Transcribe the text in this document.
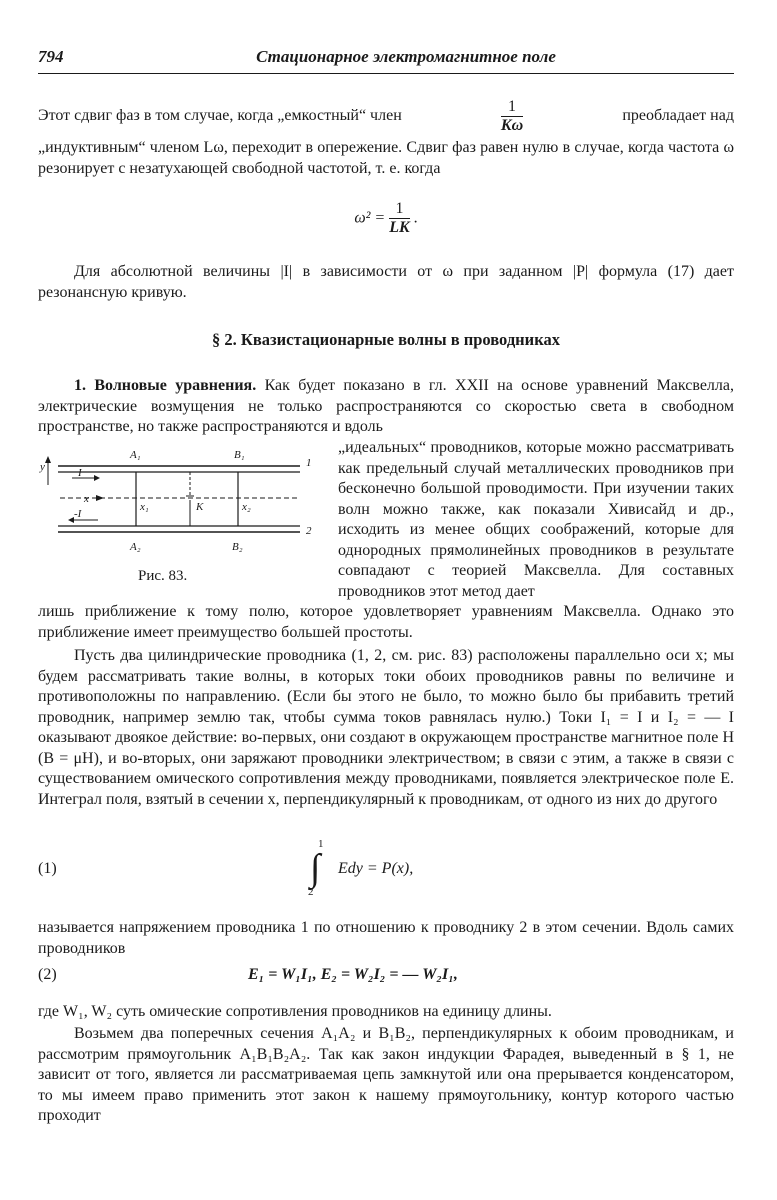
794	Стационарное электромагнитное поле
Этот сдвиг фаз в том случае, когда „емкостный“ член	$\frac{1}{K\omega}$	преобладает над
„индуктивным“ членом Lω, переходит в опережение. Сдвиг фаз равен нулю в случае, когда частота ω резонирует с незатухающей свободной частотой, т. е. когда
$\omega^2 = \frac{1}{LK}$ .
Для абсолютной величины |I| в зависимости от ω при заданном |P| формула (17) дает резонансную кривую.
§ 2. Квазистационарные волны в проводниках
1. Волновые уравнения. Как будет показано в гл. XXII на основе уравнений Максвелла, электрические возмущения не только распространяются со скоростью света в свободном пространстве, но также распространяются и вдоль
A₁	B₁
A₂	B₂
y
x
x₁	x₂
K
I
-I
1
2
Рис. 83.
„идеальных“ проводников, которые можно рассматривать как предельный случай металлических проводников при бесконечно большой проводимости. При изучении таких волн можно также, как показали Хивисайд и др., исходить из менее общих соображений, которые для однородных прямолинейных проводников в результате совпадают с теорией Максвелла. Для составных проводников этот метод дает
лишь приближение к тому полю, которое удовлетворяет уравнениям Максвелла. Однако это приближение имеет преимущество большей простоты.
Пусть два цилиндрические проводника (1, 2, см. рис. 83) расположены параллельно оси x; мы будем рассматривать такие волны, в которых токи обоих проводников равны по величине и противоположны по направлению. (Если бы этого не было, то можно было бы прибавить третий проводник, например землю так, чтобы сумма токов равнялась нулю.) Токи I₁ = I и I₂ = — I оказывают двоякое действие: во-первых, они создают в окружающем пространстве магнитное поле H (B = μH), и во-вторых, они заряжают проводники электричеством; в связи с этим, а также в связи с существованием омического сопротивления между проводниками, появляется электрическое поле E. Интеграл поля, взятый в сечении x, перпендикулярный к проводникам, от одного из них до другого
(1)
1
∫
2
Edy = P(x),
называется напряжением проводника 1 по отношению к проводнику 2 в этом сечении. Вдоль самих проводников
(2)	E₁ = W₁I₁, E₂ = W₂I₂ = — W₂I₁,
где W₁, W₂ суть омические сопротивления проводников на единицу длины.
Возьмем два поперечных сечения A₁A₂ и B₁B₂, перпендикулярных к обоим проводникам, и рассмотрим прямоугольник A₁B₁B₂A₂. Так как закон индукции Фарадея, выведенный в § 1, не зависит от того, является ли рассматриваемая цепь замкнутой или она прерывается конденсатором, то мы имеем право применить этот закон к нашему прямоугольнику, контур которого частью проходит
